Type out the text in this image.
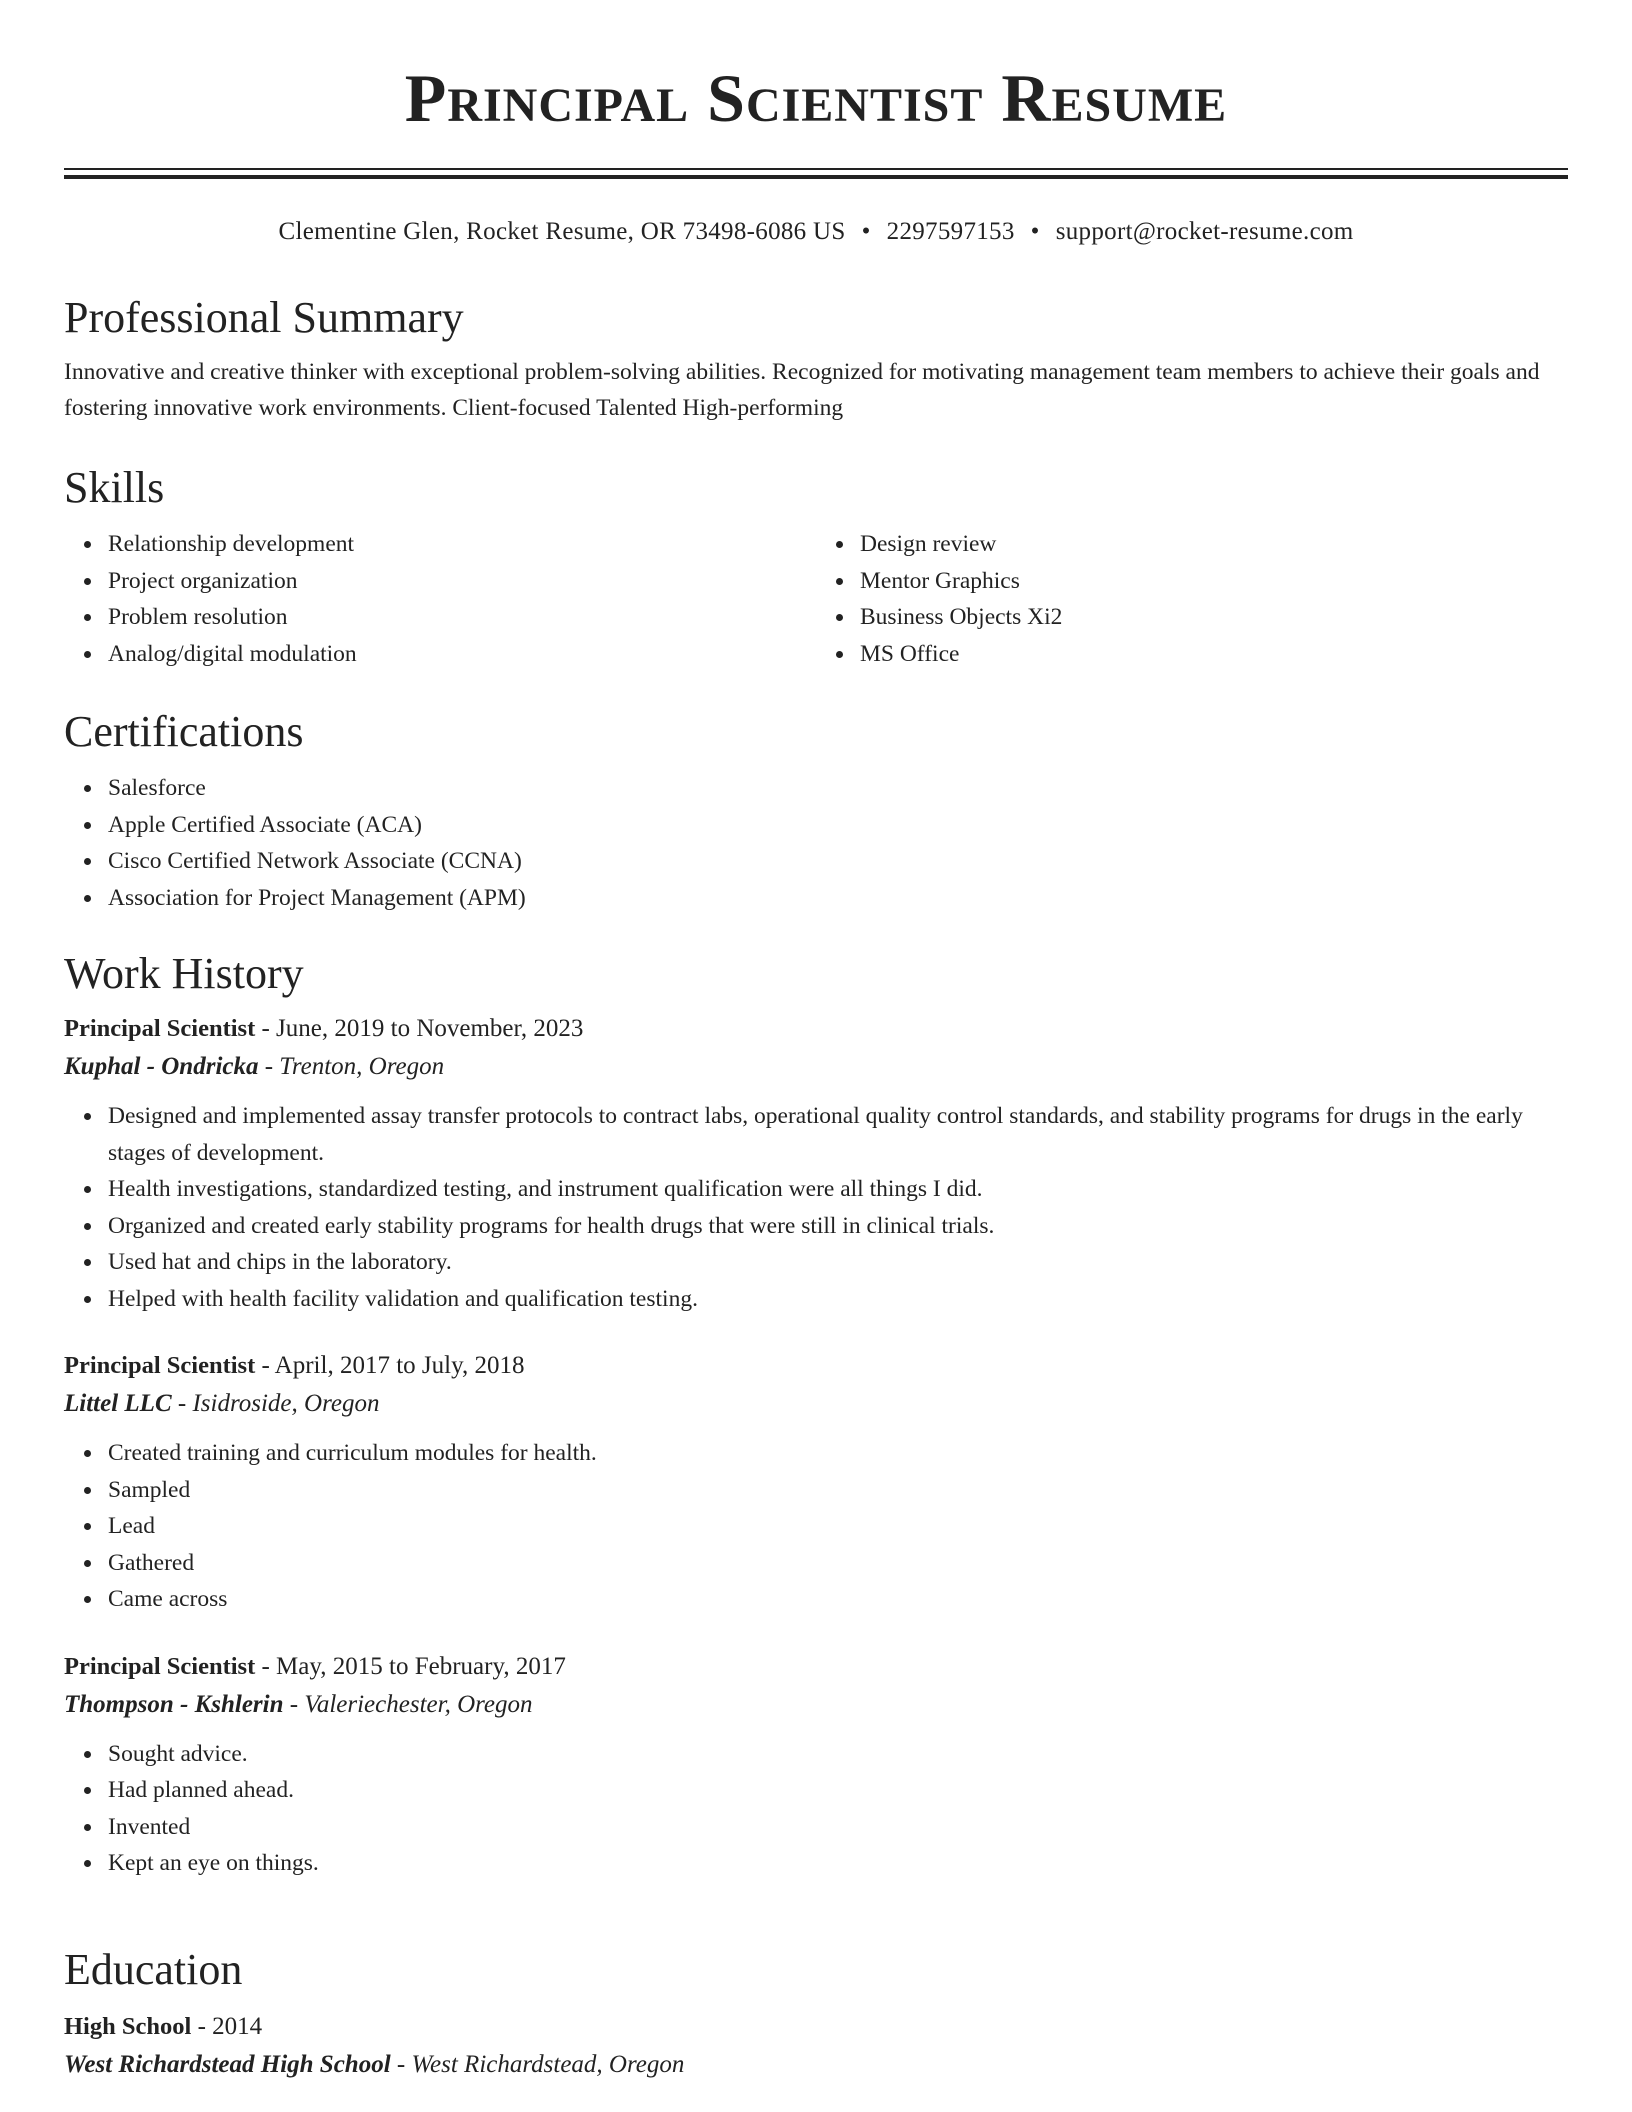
Principal Scientist Resume
Clementine Glen, Rocket Resume, OR 73498-6086 US • 2297597153 • support@rocket-resume.com
Professional Summary

Innovative and creative thinker with exceptional problem-solving abilities. Recognized for motivating management team members to achieve their goals and fostering innovative work environments. Client-focused Talented High-performing

Skills
Relationship development
Project organization
Problem resolution
Analog/digital modulation
Design review
Mentor Graphics
Business Objects Xi2
MS Office
Certifications
Salesforce
Apple Certified Associate (ACA)
Cisco Certified Network Associate (CCNA)
Association for Project Management (APM)
Work History
Principal Scientist - June, 2019 to November, 2023
Kuphal - Ondricka - Trenton, Oregon
Designed and implemented assay transfer protocols to contract labs, operational quality control standards, and stability programs for drugs in the early stages of development.
Health investigations, standardized testing, and instrument qualification were all things I did.
Organized and created early stability programs for health drugs that were still in clinical trials.
Used hat and chips in the laboratory.
Helped with health facility validation and qualification testing.
Principal Scientist - April, 2017 to July, 2018
Littel LLC - Isidroside, Oregon
Created training and curriculum modules for health.
Sampled
Lead
Gathered
Came across
Principal Scientist - May, 2015 to February, 2017
Thompson - Kshlerin - Valeriechester, Oregon
Sought advice.
Had planned ahead.
Invented
Kept an eye on things.
Education
High School - 2014
West Richardstead High School - West Richardstead, Oregon
